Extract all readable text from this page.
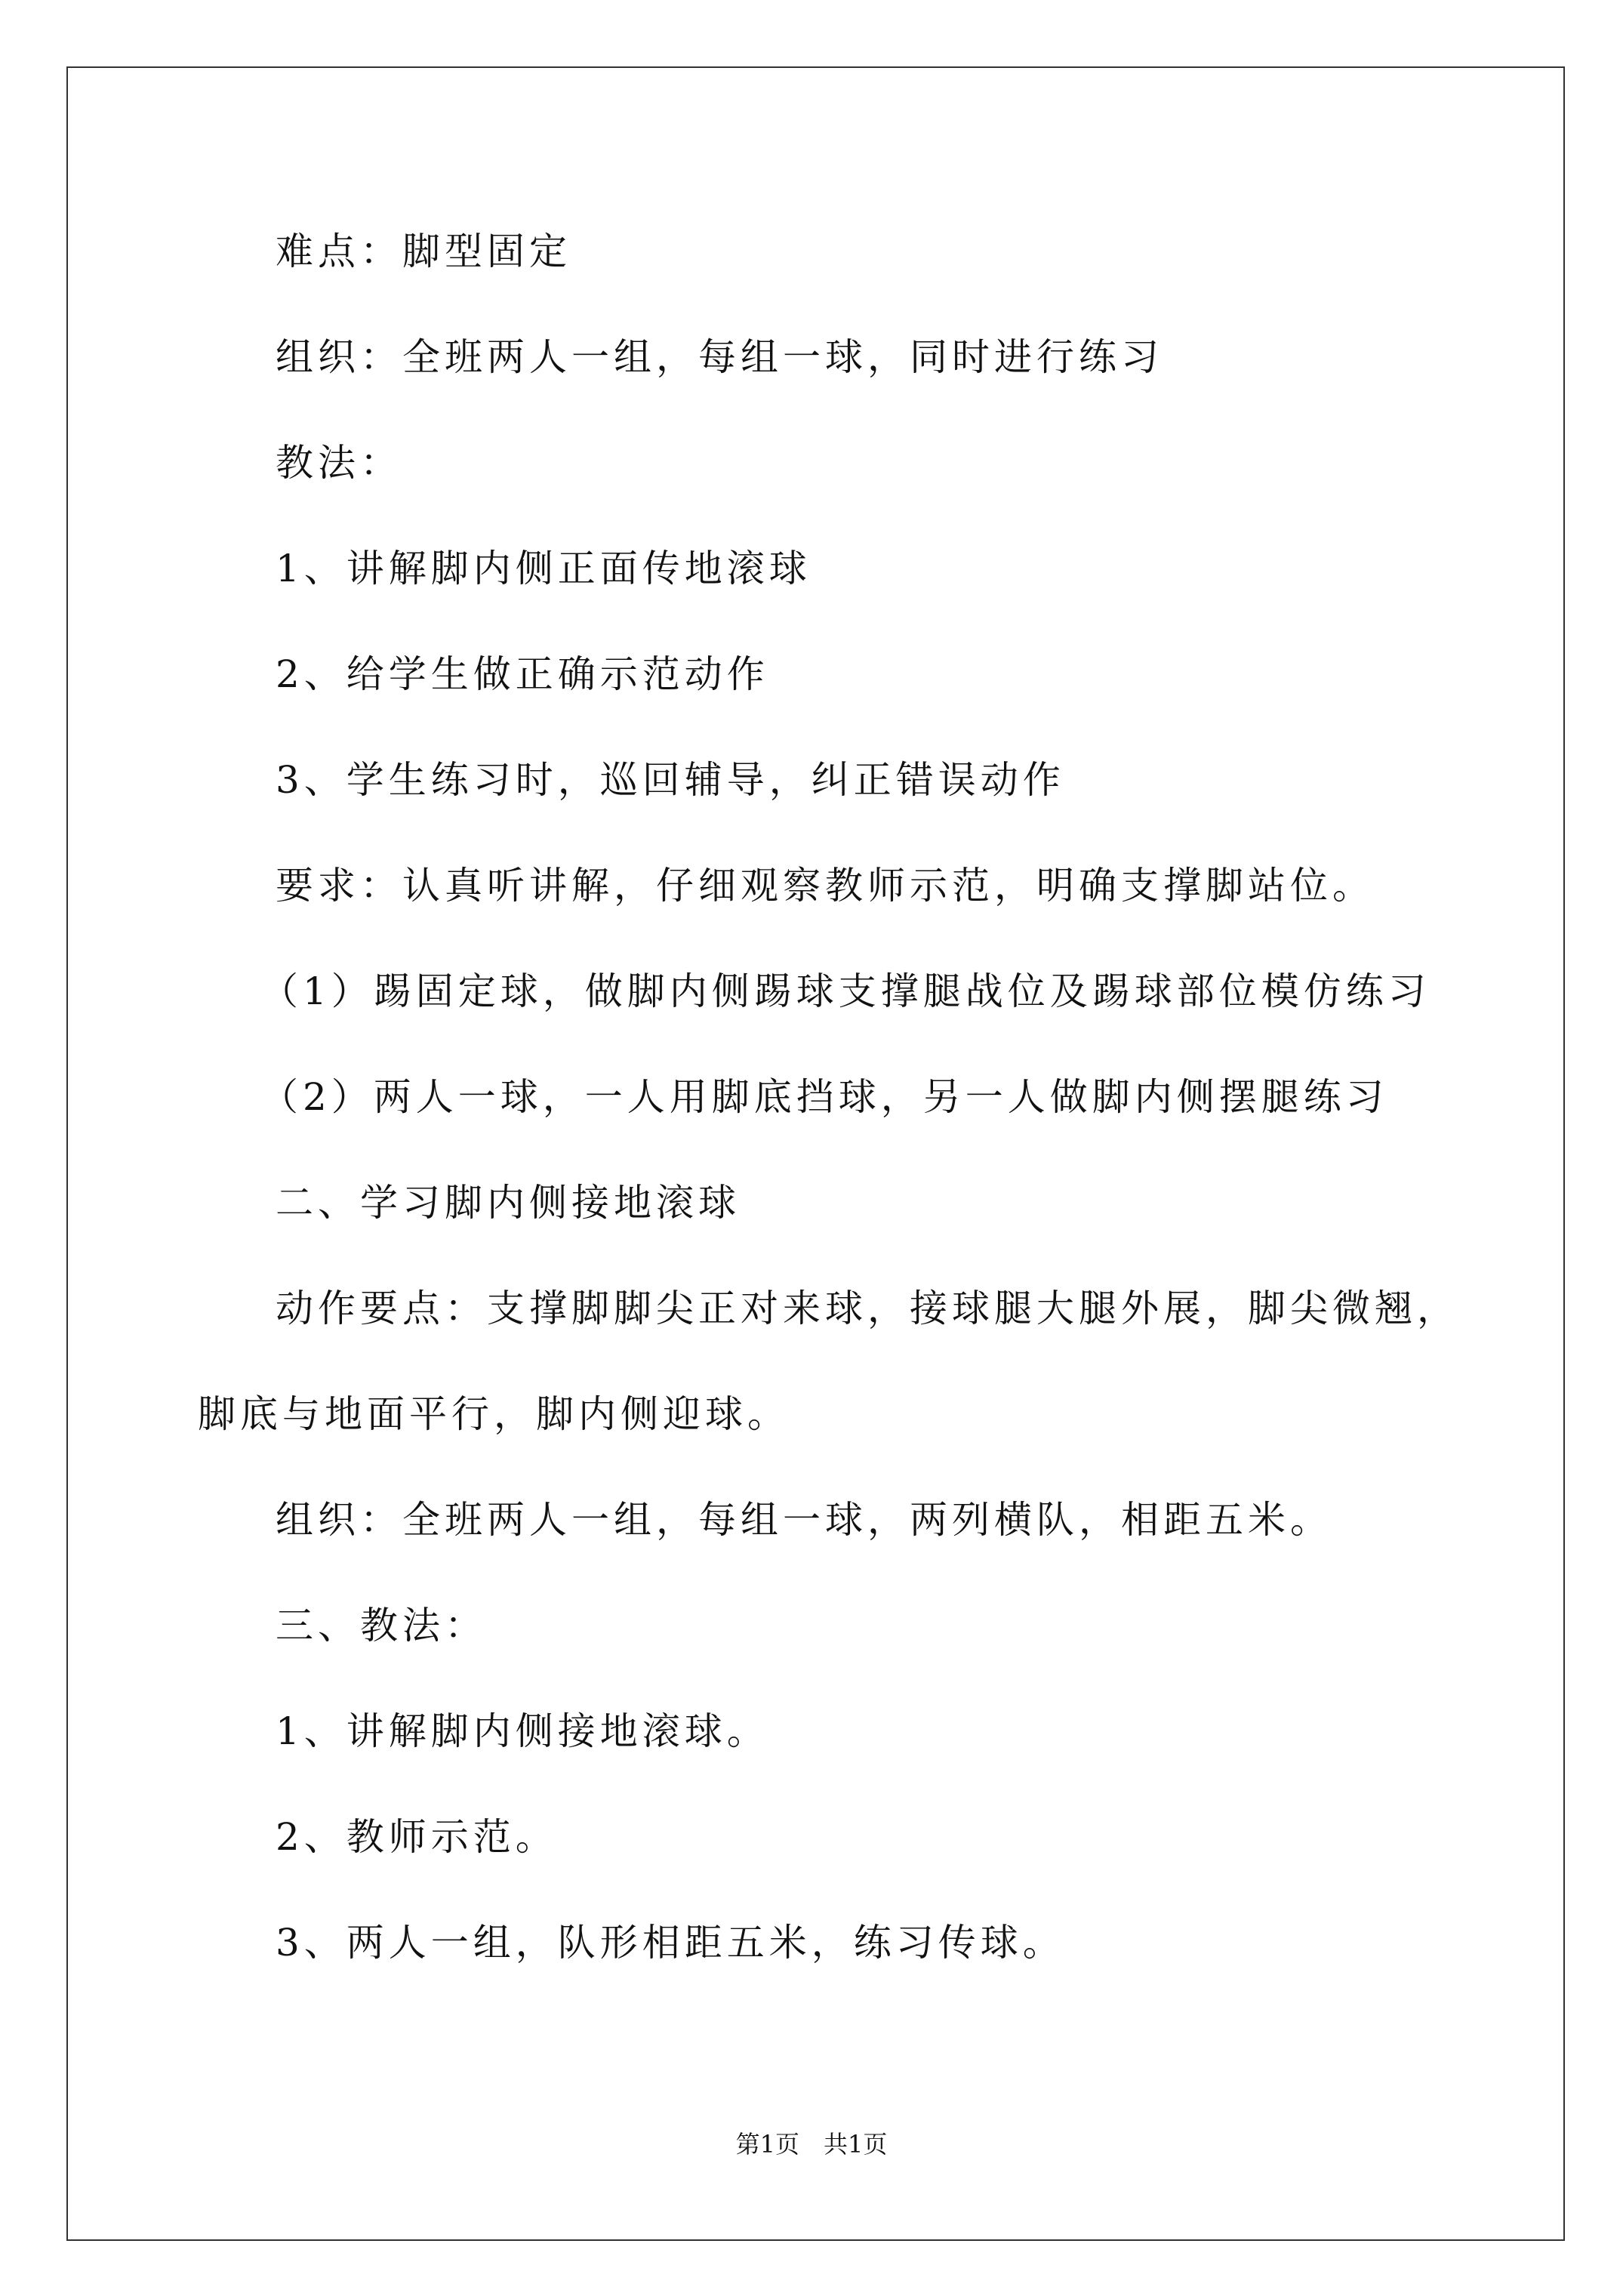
难点：脚型固定
组织：全班两人一组，每组一球，同时进行练习
教法：
1、讲解脚内侧正面传地滚球
2、给学生做正确示范动作
3、学生练习时，巡回辅导，纠正错误动作
要求：认真听讲解，仔细观察教师示范，明确支撑脚站位。
（1）踢固定球，做脚内侧踢球支撑腿战位及踢球部位模仿练习
（2）两人一球，一人用脚底挡球，另一人做脚内侧摆腿练习
二、学习脚内侧接地滚球
动作要点：支撑脚脚尖正对来球，接球腿大腿外展，脚尖微翘，
脚底与地面平行，脚内侧迎球。
组织：全班两人一组，每组一球，两列横队，相距五米。
三、教法：
1、讲解脚内侧接地滚球。
2、教师示范。
3、两人一组，队形相距五米，练习传球。
第1页 共1页
